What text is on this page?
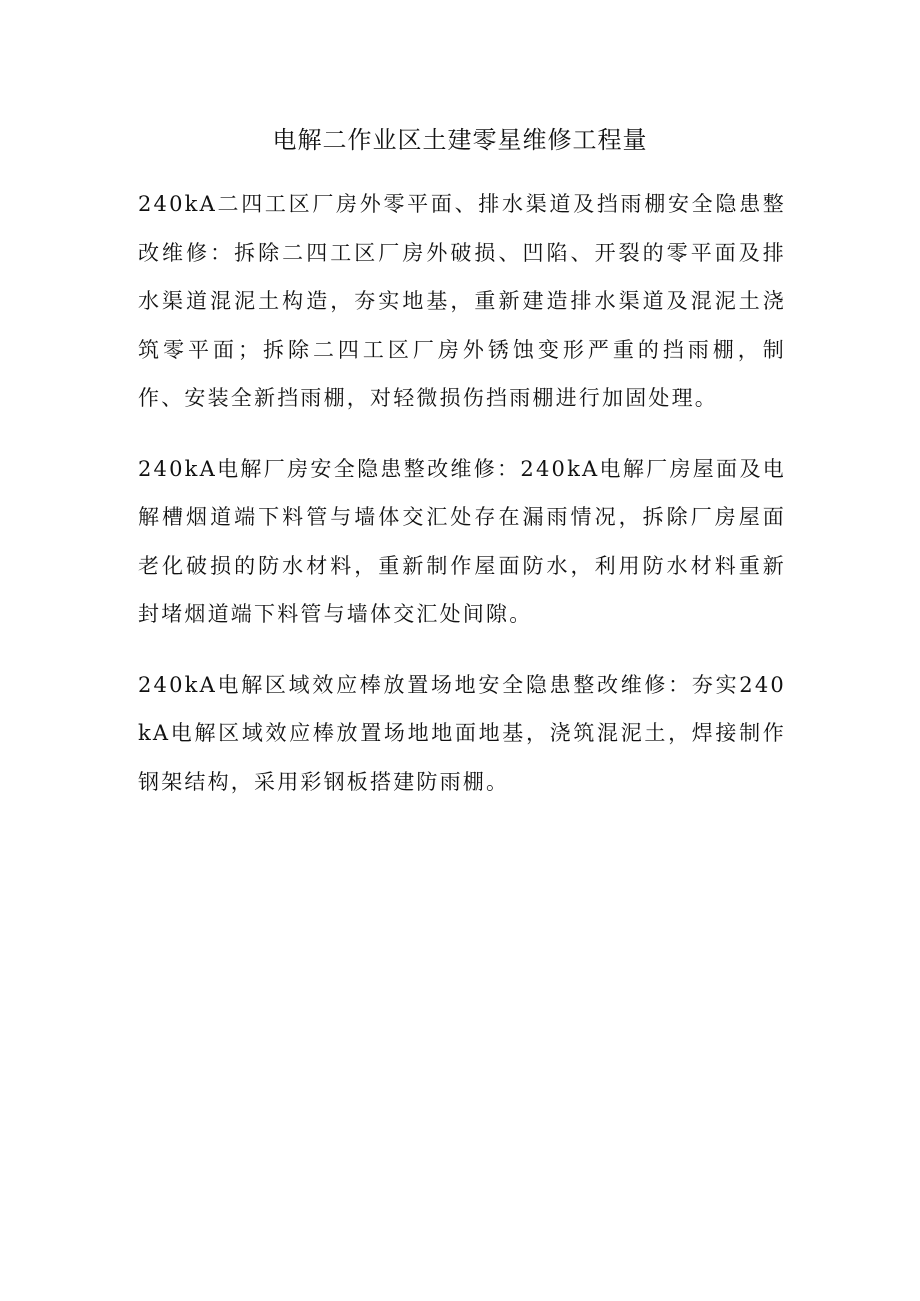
电解二作业区土建零星维修工程量

240kA二四工区厂房外零平面、排水渠道及挡雨棚安全隐患整改维修：拆除二四工区厂房外破损、凹陷、开裂的零平面及排水渠道混泥土构造，夯实地基，重新建造排水渠道及混泥土浇筑零平面；拆除二四工区厂房外锈蚀变形严重的挡雨棚，制作、安装全新挡雨棚，对轻微损伤挡雨棚进行加固处理。

240kA电解厂房安全隐患整改维修：240kA电解厂房屋面及电解槽烟道端下料管与墙体交汇处存在漏雨情况，拆除厂房屋面老化破损的防水材料，重新制作屋面防水，利用防水材料重新封堵烟道端下料管与墙体交汇处间隙。

240kA电解区域效应棒放置场地安全隐患整改维修：夯实240kA电解区域效应棒放置场地地面地基，浇筑混泥土，焊接制作钢架结构，采用彩钢板搭建防雨棚。
